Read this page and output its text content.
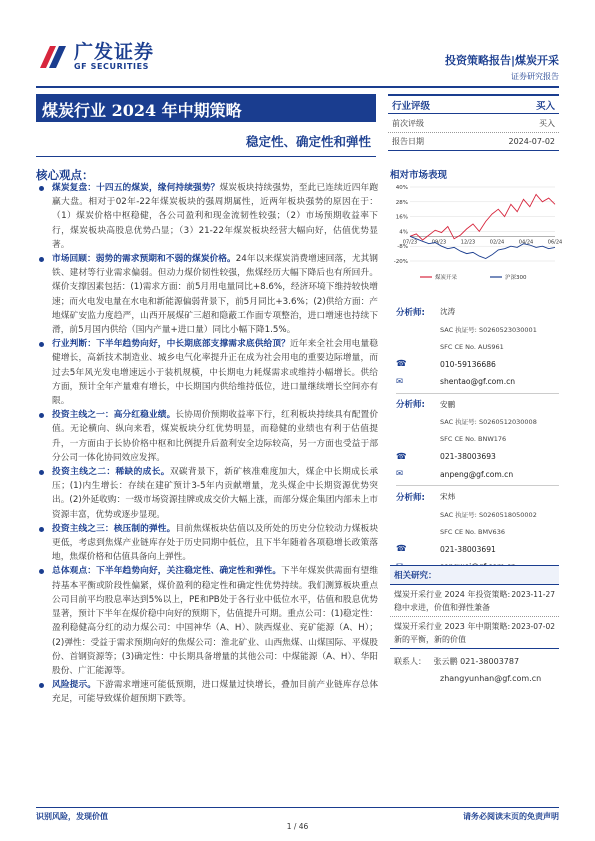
广发证券
GF SECURITIES	投资策略报告|煤炭开采
证券研究报告
煤炭行业 2024 年中期策略
稳定性、确定性和弹性
行业评级	买入
前次评级	买入
报告日期	2024-07-02
核心观点：
煤炭复盘：十四五的煤炭，缘何持续强势？煤炭板块持续强势，至此已连续近四年跑赢大盘。相对于02年-22年煤炭板块的强周期属性，近两年板块强势的原因在于：（1）煤炭价格中枢稳健，各公司盈利和现金流韧性较强；（2）市场预期收益率下行，煤炭板块高股息优势凸显；（3）21-22年煤炭板块经营大幅向好，估值优势显著。
市场回顾：弱势的需求预期和不弱的煤炭价格。24年以来煤炭消费增速回落，尤其钢铁、建材等行业需求偏弱。但动力煤价韧性较强，焦煤经历大幅下降后也有所回升。煤价支撑因素包括：(1)需求方面：前5月用电量同比+8.6%，经济环境下维持较快增速；而火电发电量在水电和新能源偏弱背景下，前5月同比+3.6%；(2)供给方面：产地煤矿安监力度趋严，山西开展煤矿三超和隐蔽工作面专项整治，进口增速也持续下滑，前5月国内供给（国内产量+进口量）同比小幅下降1.5%。
行业判断：下半年趋势向好，中长期底部支撑需求底供给顶？近年来全社会用电量稳健增长，高新技术制造业、城乡电气化率提升正在成为社会用电的重要边际增量，而过去5年风光发电增速远小于装机规模，中长期电力耗煤需求或维持小幅增长。供给方面，预计全年产量难有增长，中长期国内供给维持低位，进口量继续增长空间亦有限。
投资主线之一：高分红稳业绩。长协周价预期收益率下行，红利板块持续具有配置价值。无论横向、纵向来看，煤炭板块分红优势明显，而稳健的业绩也有利于估值提升，一方面由于长协价格中枢和比例提升后盈利安全边际较高，另一方面也受益于部分公司一体化协同效应发挥。
投资主线之二：稀缺的成长。双碳背景下，新矿核准难度加大，煤企中长期成长承压；(1)内生增长：存续在建矿预计3-5年内贡献增量，龙头煤企中长期资源优势突出。(2)外延收购：一级市场资源挂牌或成交价大幅上涨，而部分煤企集团内部未上市资源丰富，优势或逐步显现。
投资主线之三：核压制的弹性。目前焦煤板块估值以及所处的历史分位较动力煤板块更低，考虑到焦煤产业链库存处于历史同期中低位，且下半年随着各项稳增长政策落地，焦煤价格和估值具备向上弹性。
总体观点：下半年趋势向好，关注稳定性、确定性和弹性。下半年煤炭供需面有望维持基本平衡或阶段性偏紧，煤价盈利的稳定性和确定性优势持续。我们测算板块重点公司目前平均股息率达到5%以上，PE和PB处于各行业中低位水平，估值和股息优势显著，预计下半年在煤价稳中向好的预期下，估值提升可期。重点公司：(1)稳定性：盈利稳健高分红的动力煤公司：中国神华（A、H）、陕西煤业、兖矿能源（A、H）；(2)弹性：受益于需求预期向好的焦煤公司：淮北矿业、山西焦煤、山煤国际、平煤股份、首钢资源等；(3)确定性：中长期具备增量的其他公司：中煤能源（A、H）、华阳股份、广汇能源等。
风险提示。下游需求增速可能低预期，进口煤量过快增长，叠加目前产业链库存总体充足，可能导致煤价超预期下跌等。
相对市场表现
-20%
-8%
4%
16%
28%
40%
07/23	09/23	12/23	02/24	04/24	06/24
煤炭开采	沪深300
分析师:	沈涛
SAC 执证号: S0260523030001
SFC CE No. AUS961
☎	010-59136686
✉	shentao@gf.com.cn
分析师:	安鹏
SAC 执证号: S0260512030008
SFC CE No. BNW176
☎	021-38003693
✉	anpeng@gf.com.cn
分析师:	宋炜
SAC 执证号: S0260518050002
SFC CE No. BMV636
☎	021-38003691
相关研究：
煤炭开采行业 2024 年投资策略:稳中求进，价值和弹性兼备
2023-11-27
煤炭开采行业 2023 年中期策略:新的平衡，新的价值
2023-07-02
联系人： 张云鹏 021-38003787
zhangyunhan@gf.com.cn
识别风险，发现价值	请务必阅读末页的免责声明
1 / 46
